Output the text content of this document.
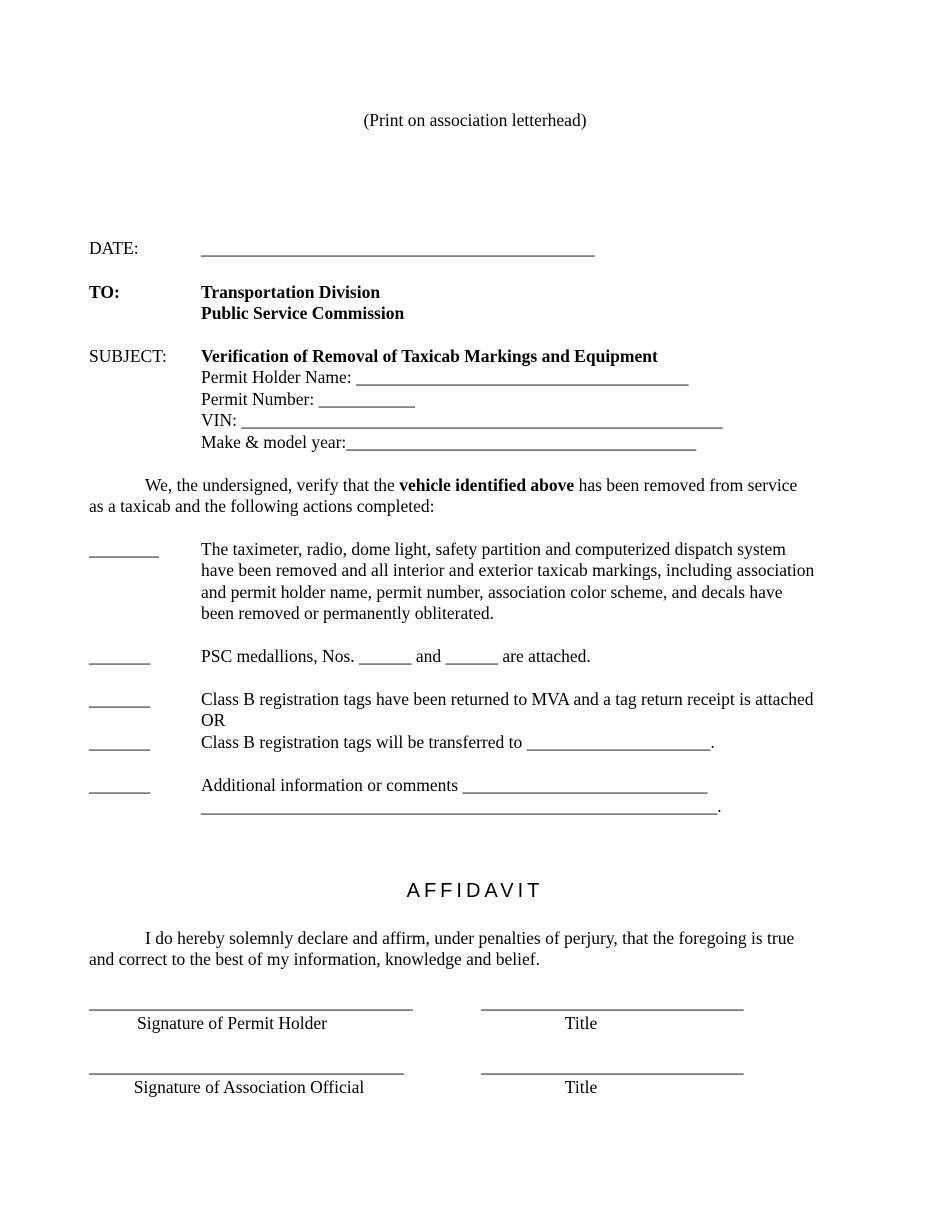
(Print on association letterhead)
DATE:	_____________________________________________
TO:	Transportation Division
Public Service Commission
SUBJECT: Verification of Removal of Taxicab Markings and Equipment
Permit Holder Name: ______________________________________
Permit Number: ___________
VIN: _______________________________________________________
Make & model year:________________________________________
We, the undersigned, verify that the vehicle identified above has been removed from service
as a taxicab and the following actions completed:
________ The taximeter, radio, dome light, safety partition and computerized dispatch system
have been removed and all interior and exterior taxicab markings, including association
and permit holder name, permit number, association color scheme, and decals have
been removed or permanently obliterated.
_______	PSC medallions, Nos. ______ and ______ are attached.
_______	Class B registration tags have been returned to MVA and a tag return receipt is attached
OR
_______	Class B registration tags will be transferred to _____________________.
_______	Additional information or comments ____________________________
___________________________________________________________.
AFFIDAVIT
I do hereby solemnly declare and affirm, under penalties of perjury, that the foregoing is true
and correct to the best of my information, knowledge and belief.
_____________________________________	______________________________
Signature of Permit Holder	Title
____________________________________	______________________________
Signature of Association Official	Title
